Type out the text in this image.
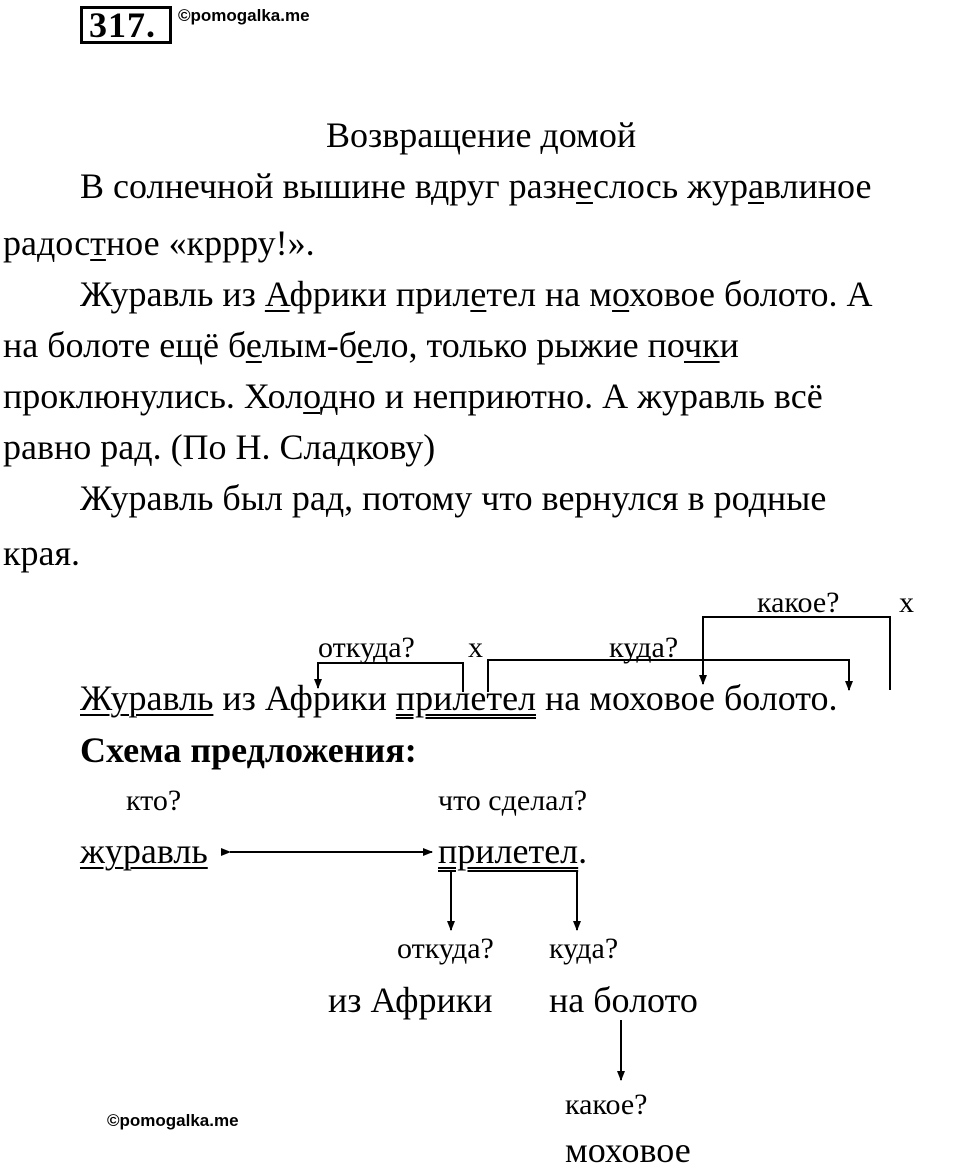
317.	©pomogalka.me
Возвращение домой
В солнечной вышине вдруг разнеслось журавлиное
радостное «кррру!».
Журавль из Африки прилетел на моховое болото. А
на болоте ещё белым-бело, только рыжие почки
проклюнулись. Холодно и неприютно. А журавль всё
равно рад. (По Н. Сладкову)
Журавль был рад, потому что вернулся в родные
края.
какое? x
откуда? x	куда?
Журавль из Африки прилетел на моховое болото.
Схема предложения:
кто?	что сделал?
журавль	прилетел.
откуда? куда?
из Африки на болото
какое?
моховое
©pomogalka.me
